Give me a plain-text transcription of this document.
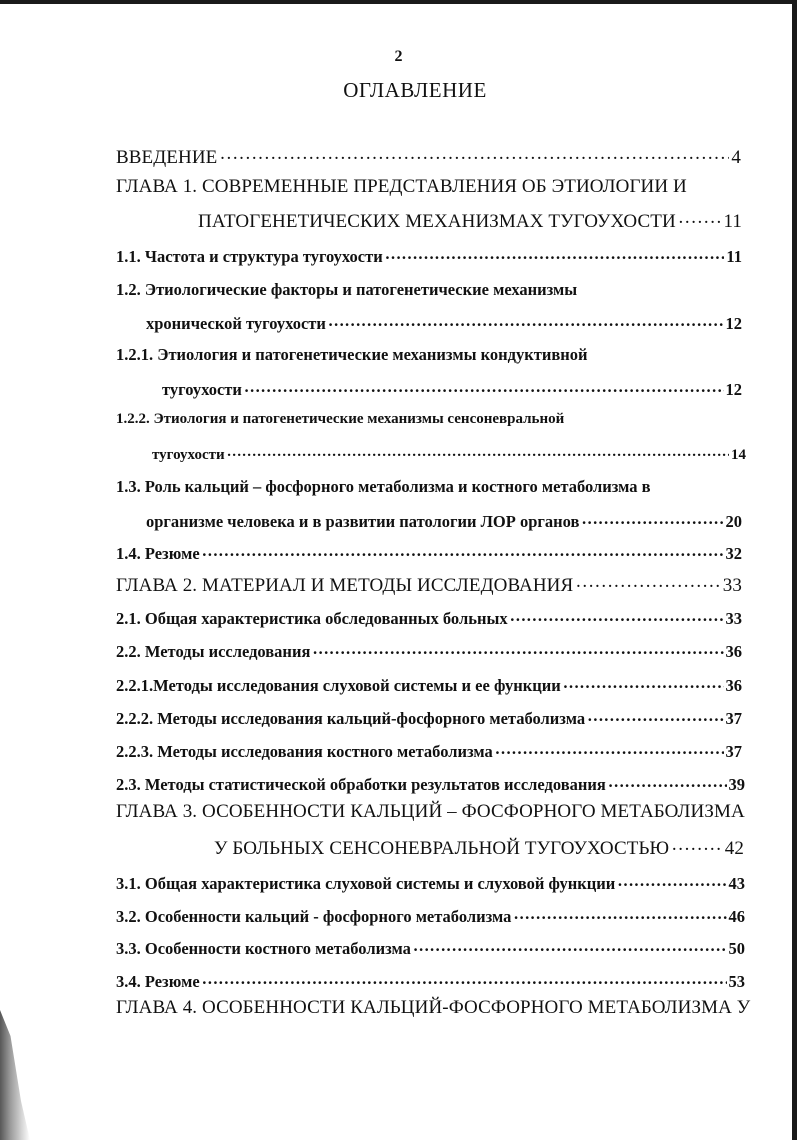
2
ОГЛАВЛЕНИЕ
ВВЕДЕНИЕ ……………………………………………………………………………………………………………………………………………………………………………………………	4
ГЛАВА 1. СОВРЕМЕННЫЕ ПРЕДСТАВЛЕНИЯ ОБ ЭТИОЛОГИИ И
ПАТОГЕНЕТИЧЕСКИХ МЕХАНИЗМАХ ТУГОУХОСТИ ……………………………………………………………………………………………………………………………………………………………………………………………	11
1.1. Частота и структура тугоухости ……………………………………………………………………………………………………………………………………………………………………………………………	11
1.2. Этиологические факторы и патогенетические механизмы
хронической тугоухости ……………………………………………………………………………………………………………………………………………………………………………………………	12
1.2.1. Этиология и патогенетические механизмы кондуктивной
тугоухости ……………………………………………………………………………………………………………………………………………………………………………………………	12
1.2.2. Этиология и патогенетические механизмы сенсоневральной
тугоухости ……………………………………………………………………………………………………………………………………………………………………………………………	14
1.3. Роль кальций – фосфорного метаболизма и костного метаболизма в
организме человека и в развитии патологии ЛОР органов ……………………………………………………………………………………………………………………………………………………………………………………………	20
1.4. Резюме ……………………………………………………………………………………………………………………………………………………………………………………………	32
ГЛАВА 2. МАТЕРИАЛ И МЕТОДЫ ИССЛЕДОВАНИЯ ……………………………………………………………………………………………………………………………………………………………………………………………	33
2.1. Общая характеристика обследованных больных ……………………………………………………………………………………………………………………………………………………………………………………………	33
2.2. Методы исследования ……………………………………………………………………………………………………………………………………………………………………………………………	36
2.2.1.Методы исследования слуховой системы и ее функции ……………………………………………………………………………………………………………………………………………………………………………………………	36
2.2.2. Методы исследования кальций-фосфорного метаболизма ……………………………………………………………………………………………………………………………………………………………………………………………	37
2.2.3. Методы исследования костного метаболизма ……………………………………………………………………………………………………………………………………………………………………………………………	37
2.3. Методы статистической обработки результатов исследования ……………………………………………………………………………………………………………………………………………………………………………………………	39
ГЛАВА 3. ОСОБЕННОСТИ КАЛЬЦИЙ – ФОСФОРНОГО МЕТАБОЛИЗМА
У БОЛЬНЫХ СЕНСОНЕВРАЛЬНОЙ ТУГОУХОСТЬЮ ……………………………………………………………………………………………………………………………………………………………………………………………	42
3.1. Общая характеристика слуховой системы и слуховой функции ……………………………………………………………………………………………………………………………………………………………………………………………	43
3.2. Особенности кальций - фосфорного метаболизма ……………………………………………………………………………………………………………………………………………………………………………………………	46
3.3. Особенности костного метаболизма ……………………………………………………………………………………………………………………………………………………………………………………………	50
3.4. Резюме ……………………………………………………………………………………………………………………………………………………………………………………………	53
ГЛАВА 4. ОСОБЕННОСТИ КАЛЬЦИЙ-ФОСФОРНОГО МЕТАБОЛИЗМА У
